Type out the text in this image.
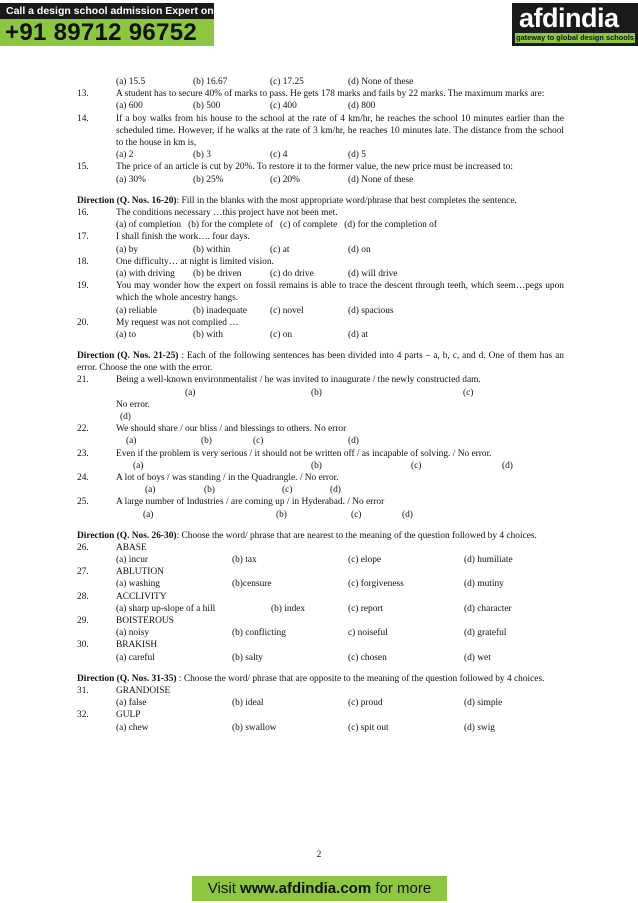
Call a design school admission Expert on
+91 89712 96752	afdindia
gateway to global design schools
(a) 15.5	(b) 16.67	(c) 17.25	(d) None of these
13.	A student has to secure 40% of marks to pass. He gets 178 marks and fails by 22 marks. The maximum marks are:
(a) 600	(b) 500	(c) 400	(d) 800
14.	If a boy walks from his house to the school at the rate of 4 km/hr, he reaches the school 10 minutes earlier than the scheduled time. However, if he walks at the rate of 3 km/hr, he reaches 10 minutes late. The distance from the school to the house in km is,
(a) 2	(b) 3	(c) 4	(d) 5
15.	The price of an article is cut by 20%. To restore it to the former value, the new price must be increased to:
(a) 30%	(b) 25%	(c) 20%	(d) None of these
Direction (Q. Nos. 16-20): Fill in the blanks with the most appropriate word/phrase that best completes the sentence.
16.	The conditions necessary …this project have not been met.
(a) of completion   (b) for the complete of   (c) of complete   (d) for the completion of
17.	I shall finish the work…. four days.
(a) by	(b) within	(c) at	(d) on
18.	One difficulty… at night is limited vision.
(a) with driving (b) be driven	(c) do drive	(d) will drive
19.	You may wonder how the expert on fossil remains is able to trace the descent through teeth, which seem…pegs upon which the whole ancestry hangs.
(a) reliable	(b) inadequate (c) novel	(d) spacious
20.	My request was not complied …
(a) to	(b) with	(c) on	(d) at
Direction (Q. Nos. 21-25) : Each of the following sentences has been divided into 4 parts – a, b, c, and d. One of them has an error. Choose the one with the error.
21.	Being a well-known environmentalist / he was invited to inaugurate / the newly constructed dam.
(a)	(b)	(c)
No error.
(d)
22.	We should share / our bliss / and blessings to others. No error
(a)	(b)	(c)	(d)
23.	Even if the problem is very serious / it should not be written off / as incapable of solving. / No error.
(a)	(b)	(c)	(d)
24.	A lot of boys / was standing / in the Quadrangle. / No error.
(a)	(b)	(c)	(d)
25.	A large number of Industries / are coming up / in Hyderabad. / No error
(a)	(b)	(c)	(d)
Direction (Q. Nos. 26-30): Choose the word/ phrase that are nearest to the meaning of the question followed by 4 choices.
26.	ABASE
(a) incur	(b) tax	(c) elope	(d) humiliate
27.	ABLUTION
(a) washing	(b)censure	(c) forgiveness	(d) mutiny
28.	ACCLIVITY
(a) sharp up-slope of a hill	(b) index	(c) report	(d) character
29.	BOISTEROUS
(a) noisy	(b) conflicting	c) noiseful	(d) grateful
30.	BRAKISH
(a) careful	(b) salty	(c) chosen	(d) wet
Direction (Q. Nos. 31-35) : Choose the word/ phrase that are opposite to the meaning of the question followed by 4 choices.
31.	GRANDOISE
(a) false	(b) ideal	(c) proud	(d) simple
32.	GULP
(a) chew	(b) swallow	(c) spit out	(d) swig
2
Visit www.afdindia.com for more
